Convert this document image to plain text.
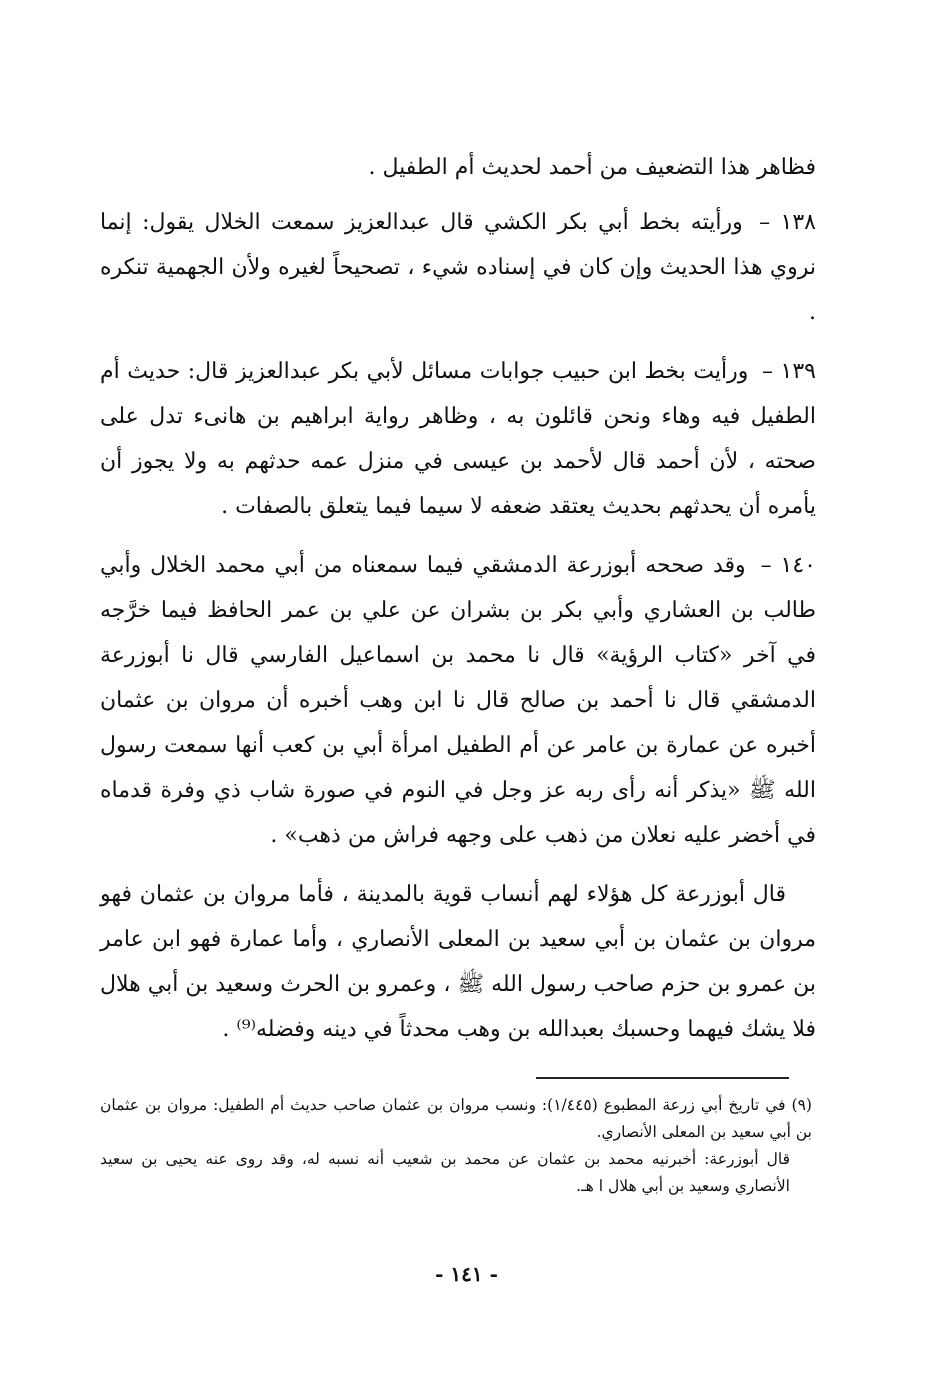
فظاهر هذا التضعيف من أحمد لحديث أم الطفيل .

١٣٨ – ورأيته بخط أبي بكر الكشي قال عبدالعزيز سمعت الخلال يقول: إنما نروي هذا الحديث وإن كان في إسناده شيء ، تصحيحاً لغيره ولأن الجهمية تنكره .

١٣٩ – ورأيت بخط ابن حبيب جوابات مسائل لأبي بكر عبدالعزيز قال: حديث أم الطفيل فيه وهاء ونحن قائلون به ، وظاهر رواية ابراهيم بن هانىء تدل على صحته ، لأن أحمد قال لأحمد بن عيسى في منزل عمه حدثهم به ولا يجوز أن يأمره أن يحدثهم بحديث يعتقد ضعفه لا سيما فيما يتعلق بالصفات .

١٤٠ – وقد صححه أبوزرعة الدمشقي فيما سمعناه من أبي محمد الخلال وأبي طالب بن العشاري وأبي بكر بن بشران عن علي بن عمر الحافظ فيما خرَّجه في آخر «كتاب الرؤية» قال نا محمد بن اسماعيل الفارسي قال نا أبوزرعة الدمشقي قال نا أحمد بن صالح قال نا ابن وهب أخبره أن مروان بن عثمان أخبره عن عمارة بن عامر عن أم الطفيل امرأة أبي بن كعب أنها سمعت رسول الله ﷺ «يذكر أنه رأى ربه عز وجل في النوم في صورة شاب ذي وفرة قدماه في أخضر عليه نعلان من ذهب على وجهه فراش من ذهب» .

قال أبوزرعة كل هؤلاء لهم أنساب قوية بالمدينة ، فأما مروان بن عثمان فهو مروان بن عثمان بن أبي سعيد بن المعلى الأنصاري ، وأما عمارة فهو ابن عامر بن عمرو بن حزم صاحب رسول الله ﷺ ، وعمرو بن الحرث وسعيد بن أبي هلال فلا يشك فيهما وحسبك بعبدالله بن وهب محدثاً في دينه وفضله⁽⁹⁾ .

(٩) في تاريخ أبي زرعة المطبوع (١/٤٤٥): ونسب مروان بن عثمان صاحب حديث أم الطفيل: مروان بن عثمان بن أبي سعيد بن المعلى الأنصاري.

قال أبوزرعة: أخبرنيه محمد بن عثمان عن محمد بن شعيب أنه نسبه له، وقد روى عنه يحيى بن سعيد الأنصاري وسعيد بن أبي هلال ا هـ.

- ١٤١ -
